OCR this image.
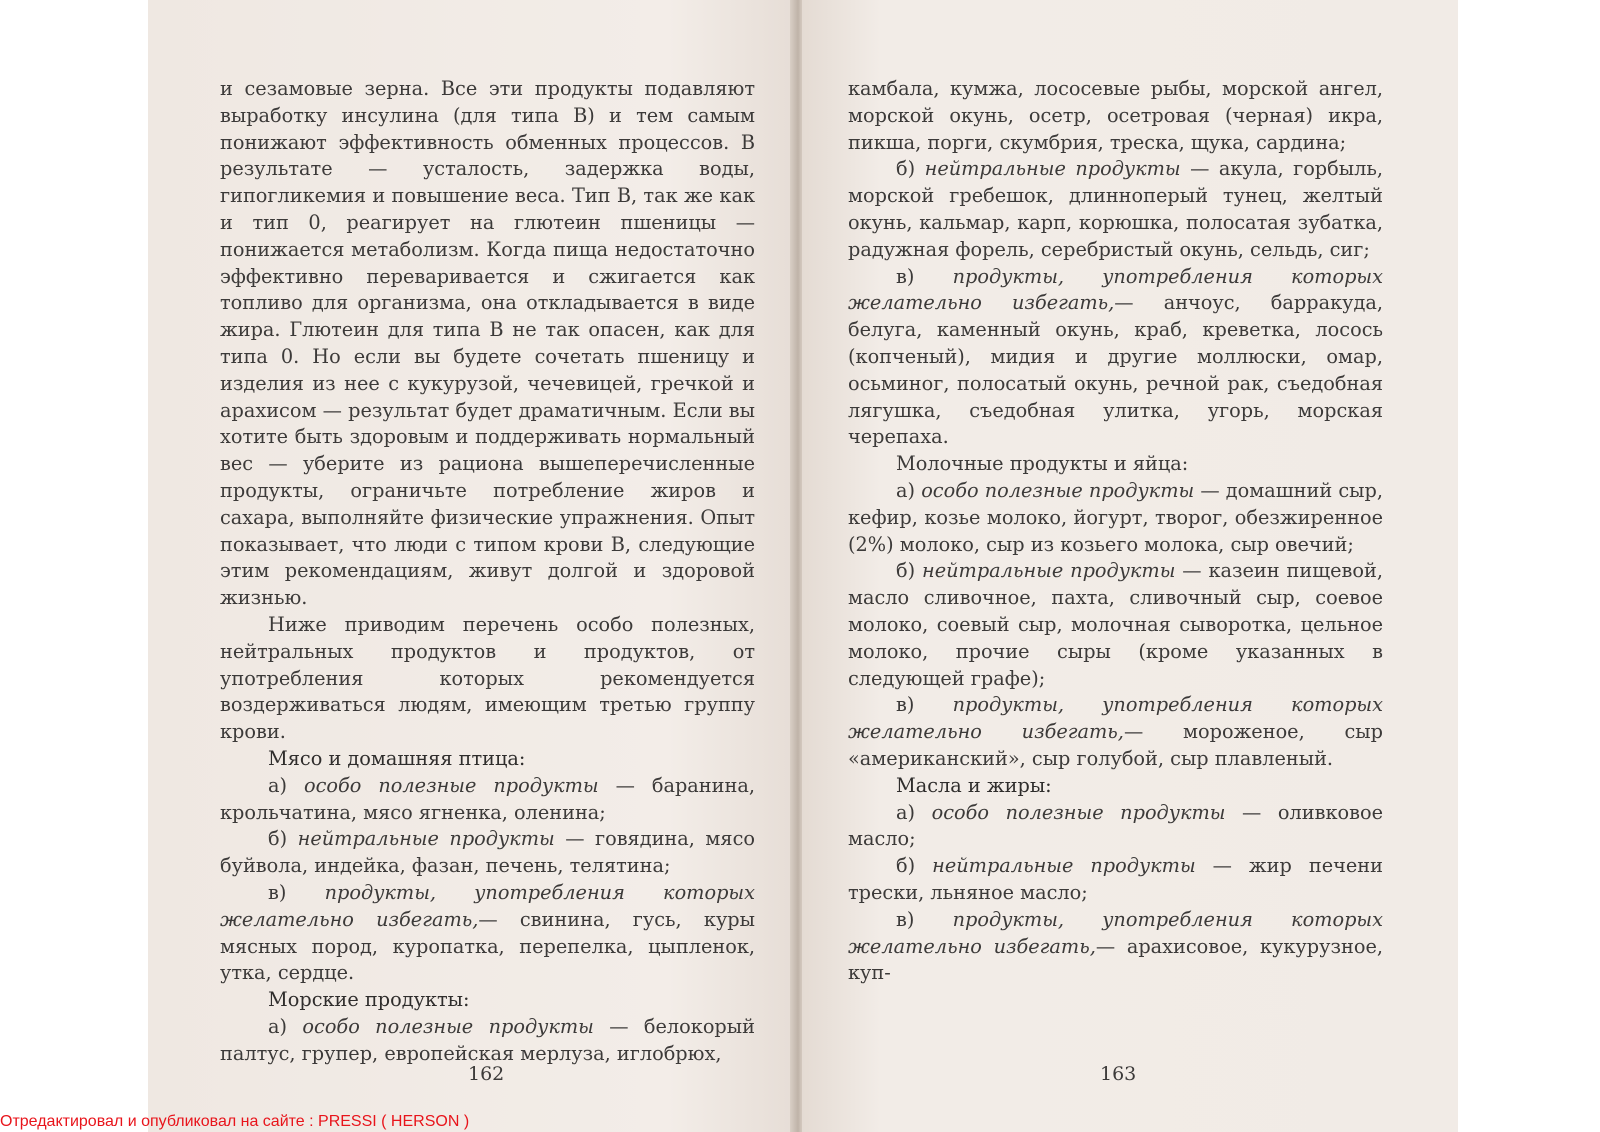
и сезамовые зерна. Все эти продукты подавляют выработку инсулина (для типа В) и тем самым понижают эффективность обменных процессов. В результате — усталость, задержка воды, гипогликемия и повышение веса. Тип В, так же как и тип 0, реагирует на глютеин пшеницы — понижается метаболизм. Когда пища недостаточно эффективно переваривается и сжигается как топливо для организма, она откладывается в виде жира. Глютеин для типа В не так опасен, как для типа 0. Но если вы будете сочетать пшеницу и изделия из нее с кукурузой, чечевицей, гречкой и арахисом — результат будет драматичным. Если вы хотите быть здоровым и поддерживать нормальный вес — уберите из рациона вышеперечисленные продукты, ограничьте потребление жиров и сахара, выполняйте физические упражнения. Опыт показывает, что люди с типом крови В, следующие этим рекомендациям, живут долгой и здоровой жизнью.

Ниже приводим перечень особо полезных, нейтральных продуктов и продуктов, от употребления которых рекомендуется воздерживаться людям, имеющим третью группу крови.

Мясо и домашняя птица:

а) особо полезные продукты — баранина, крольчатина, мясо ягненка, оленина;

б) нейтральные продукты — говядина, мясо буйвола, индейка, фазан, печень, телятина;

в) продукты, употребления которых желательно избегать,— свинина, гусь, куры мясных пород, куропатка, перепелка, цыпленок, утка, сердце.

Морские продукты:

а) особо полезные продукты — белокорый палтус, групер, европейская мерлуза, иглобрюх,

162

камбала, кумжа, лососевые рыбы, морской ангел, морской окунь, осетр, осетровая (черная) икра, пикша, порги, скумбрия, треска, щука, сардина;

б) нейтральные продукты — акула, горбыль, морской гребешок, длинноперый тунец, желтый окунь, кальмар, карп, корюшка, полосатая зубатка, радужная форель, серебристый окунь, сельдь, сиг;

в) продукты, употребления которых желательно избегать,— анчоус, барракуда, белуга, каменный окунь, краб, креветка, лосось (копченый), мидия и другие моллюски, омар, осьминог, полосатый окунь, речной рак, съедобная лягушка, съедобная улитка, угорь, морская черепаха.

Молочные продукты и яйца:

а) особо полезные продукты — домашний сыр, кефир, козье молоко, йогурт, творог, обезжиренное (2%) молоко, сыр из козьего молока, сыр овечий;

б) нейтральные продукты — казеин пищевой, масло сливочное, пахта, сливочный сыр, соевое молоко, соевый сыр, молочная сыворотка, цельное молоко, прочие сыры (кроме указанных в следующей графе);

в) продукты, употребления которых желательно избегать,— мороженое, сыр «американский», сыр голубой, сыр плавленый.

Масла и жиры:

а) особо полезные продукты — оливковое масло;

б) нейтральные продукты — жир печени трески, льняное масло;

в) продукты, употребления которых желательно избегать,— арахисовое, кукурузное, куп-

163
Отредактировал и опубликовал на сайте : PRESSI ( HERSON )
